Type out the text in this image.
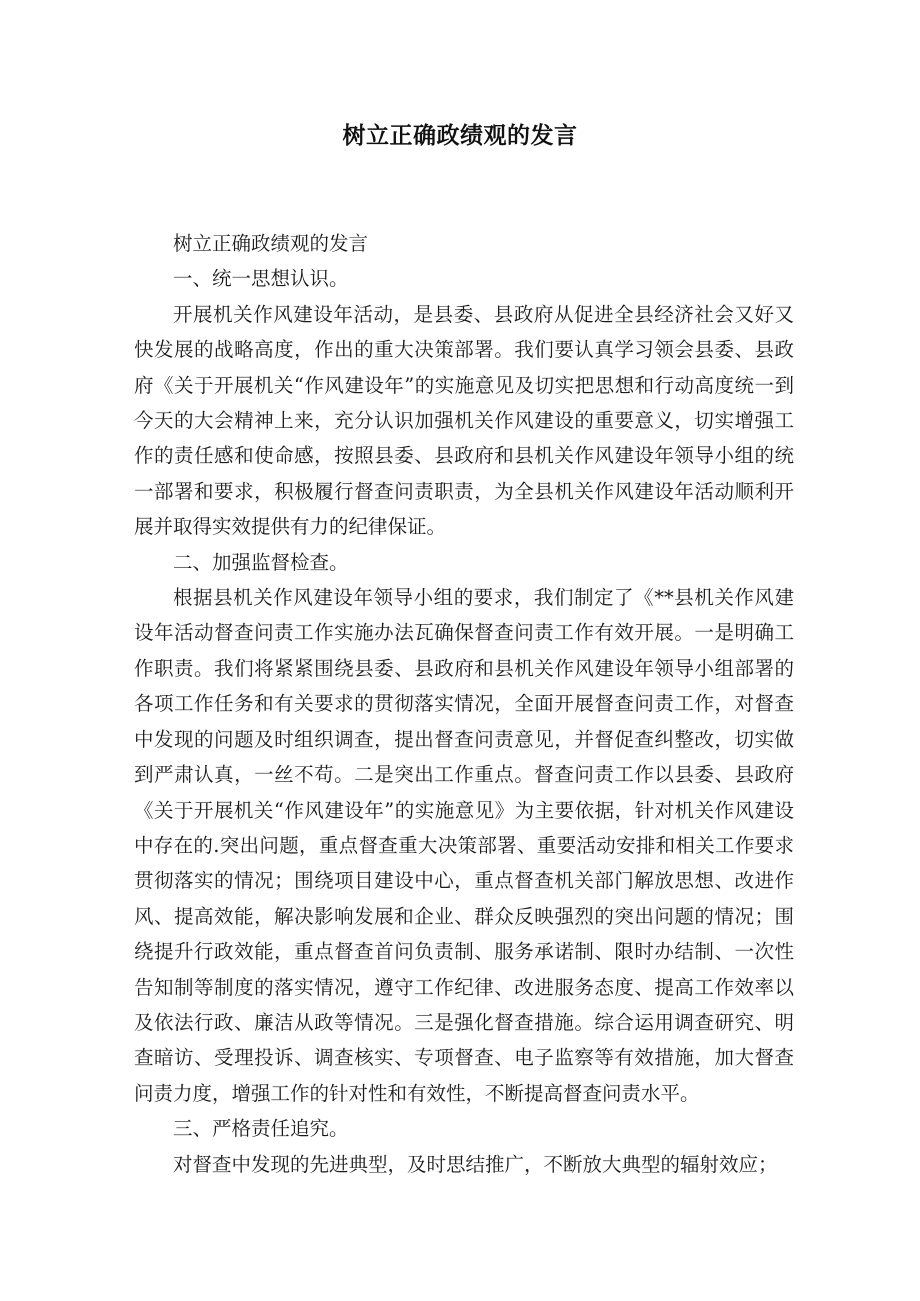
树立正确政绩观的发言

树立正确政绩观的发言

一、统一思想认识。

开展机关作风建设年活动，是县委、县政府从促进全县经济社会又好又快发展的战略高度，作出的重大决策部署。我们要认真学习领会县委、县政府《关于开展机关“作风建设年”的实施意见及切实把思想和行动高度统一到今天的大会精神上来，充分认识加强机关作风建设的重要意义，切实增强工作的责任感和使命感，按照县委、县政府和县机关作风建设年领导小组的统一部署和要求，积极履行督查问责职责，为全县机关作风建设年活动顺利开展并取得实效提供有力的纪律保证。

二、加强监督检查。

根据县机关作风建设年领导小组的要求，我们制定了《**县机关作风建设年活动督查问责工作实施办法瓦确保督查问责工作有效开展。一是明确工作职责。我们将紧紧围绕县委、县政府和县机关作风建设年领导小组部署的各项工作任务和有关要求的贯彻落实情况，全面开展督查问责工作，对督查中发现的问题及时组织调查，提出督查问责意见，并督促查纠整改，切实做到严肃认真，一丝不苟。二是突出工作重点。督查问责工作以县委、县政府《关于开展机关“作风建设年”的实施意见》为主要依据，针对机关作风建设中存在的.突出问题，重点督查重大决策部署、重要活动安排和相关工作要求贯彻落实的情况；围绕项目建设中心，重点督查机关部门解放思想、改进作风、提高效能，解决影响发展和企业、群众反映强烈的突出问题的情况；围绕提升行政效能，重点督查首问负责制、服务承诺制、限时办结制、一次性告知制等制度的落实情况，遵守工作纪律、改进服务态度、提高工作效率以及依法行政、廉洁从政等情况。三是强化督查措施。综合运用调查研究、明查暗访、受理投诉、调查核实、专项督查、电子监察等有效措施，加大督查问责力度，增强工作的针对性和有效性，不断提高督查问责水平。

三、严格责任追究。

对督查中发现的先进典型，及时思结推广，不断放大典型的辐射效应；
